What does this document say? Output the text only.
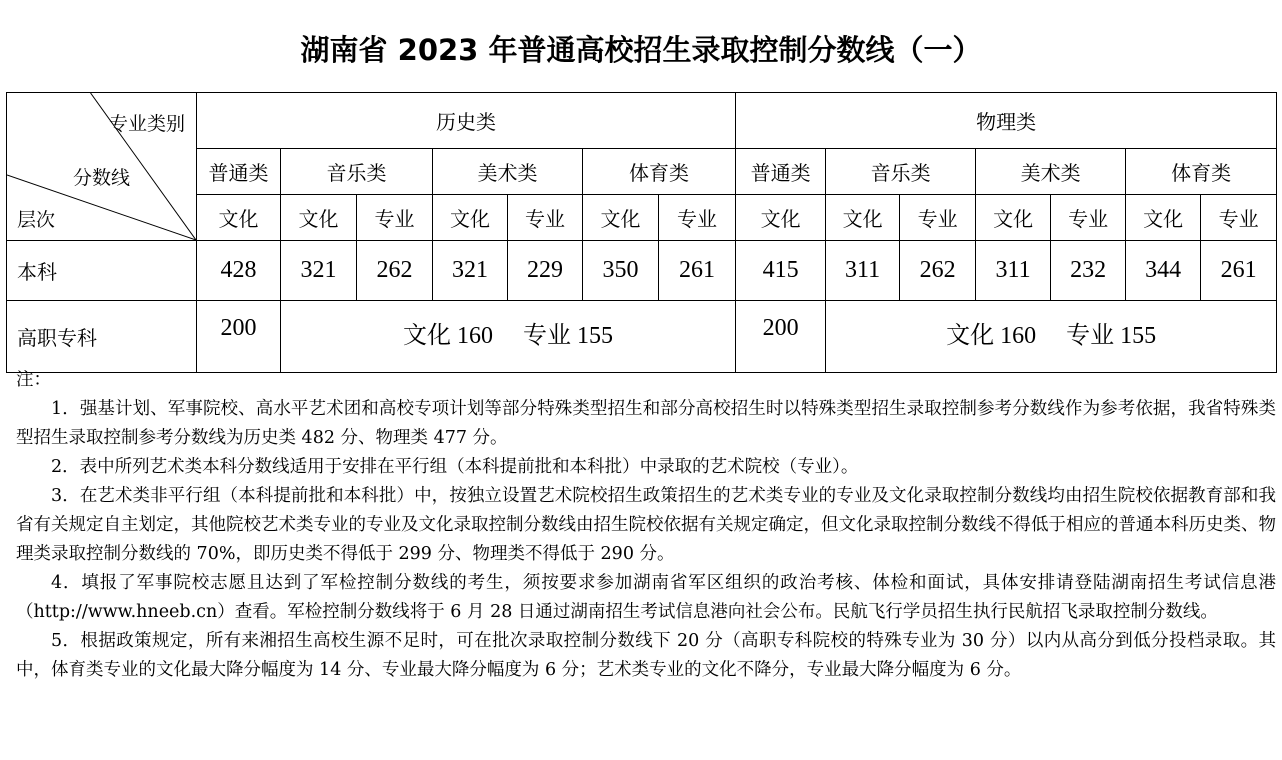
湖南省 2023 年普通高校招生录取控制分数线（一）
专业类别
分数线
层次	历史类							物理类						
	普通类	音乐类		美术类		体育类		普通类	音乐类		美术类		体育类	
	文化	文化	专业	文化	专业	文化	专业	文化	文化	专业	文化	专业	文化	专业
本科	428	321	262	321	229	350	261	415	311	262	311	232	344	261
高职专科	200	文化 160　 专业 155						200	文化 160　 专业 155					

注：

1．强基计划、军事院校、高水平艺术团和高校专项计划等部分特殊类型招生和部分高校招生时以特殊类型招生录取控制参考分数线作为参考依据，我省特殊类型招生录取控制参考分数线为历史类 482 分、物理类 477 分。

2．表中所列艺术类本科分数线适用于安排在平行组（本科提前批和本科批）中录取的艺术院校（专业）。

3．在艺术类非平行组（本科提前批和本科批）中，按独立设置艺术院校招生政策招生的艺术类专业的专业及文化录取控制分数线均由招生院校依据教育部和我省有关规定自主划定，其他院校艺术类专业的专业及文化录取控制分数线由招生院校依据有关规定确定，但文化录取控制分数线不得低于相应的普通本科历史类、物理类录取控制分数线的 70%，即历史类不得低于 299 分、物理类不得低于 290 分。

4．填报了军事院校志愿且达到了军检控制分数线的考生，须按要求参加湖南省军区组织的政治考核、体检和面试，具体安排请登陆湖南招生考试信息港（http://www.hneeb.cn）查看。军检控制分数线将于 6 月 28 日通过湖南招生考试信息港向社会公布。民航飞行学员招生执行民航招飞录取控制分数线。

5．根据政策规定，所有来湘招生高校生源不足时，可在批次录取控制分数线下 20 分（高职专科院校的特殊专业为 30 分）以内从高分到低分投档录取。其中，体育类专业的文化最大降分幅度为 14 分、专业最大降分幅度为 6 分；艺术类专业的文化不降分，专业最大降分幅度为 6 分。
